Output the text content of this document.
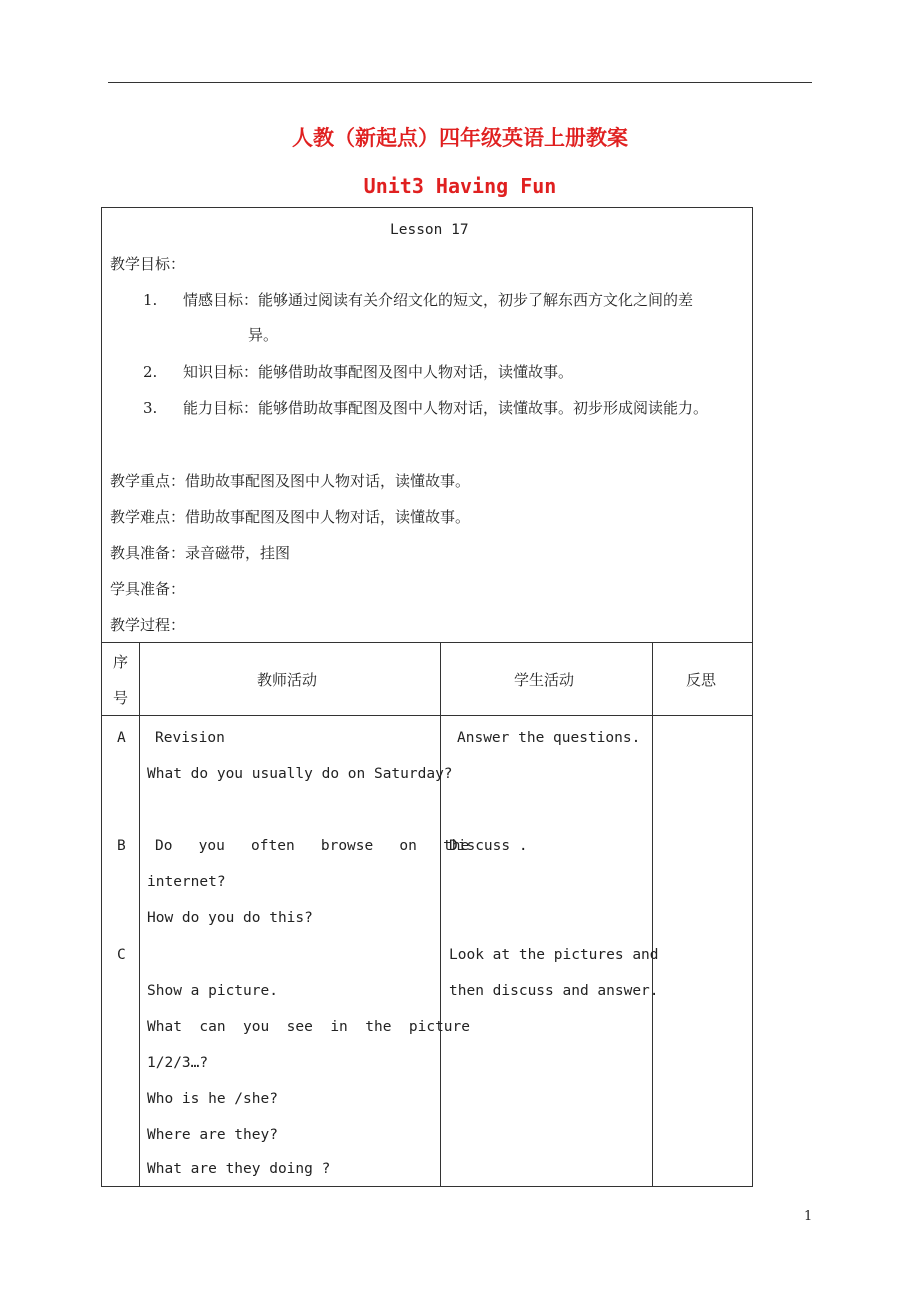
人教（新起点）四年级英语上册教案
Unit3 Having Fun
Lesson 17
教学目标：
1. 情感目标：能够通过阅读有关介绍文化的短文，初步了解东西方文化之间的差
异。
2. 知识目标：能够借助故事配图及图中人物对话，读懂故事。
3. 能力目标：能够借助故事配图及图中人物对话，读懂故事。初步形成阅读能力。
教学重点：借助故事配图及图中人物对话，读懂故事。
教学难点：借助故事配图及图中人物对话，读懂故事。
教具准备：录音磁带，挂图
学具准备：
教学过程：
序
号
教师活动	学生活动	反思
A
B
C
Revision
What do you usually do on Saturday?
Do   you   often   browse   on   the
internet?
How do you do this?
Show a picture.
What  can  you  see  in  the  picture
1/2/3…?
Who is he /she?
Where are they?
What are they doing ?
Answer the questions.
Discuss .
Look at the pictures and
then discuss and answer.
1
